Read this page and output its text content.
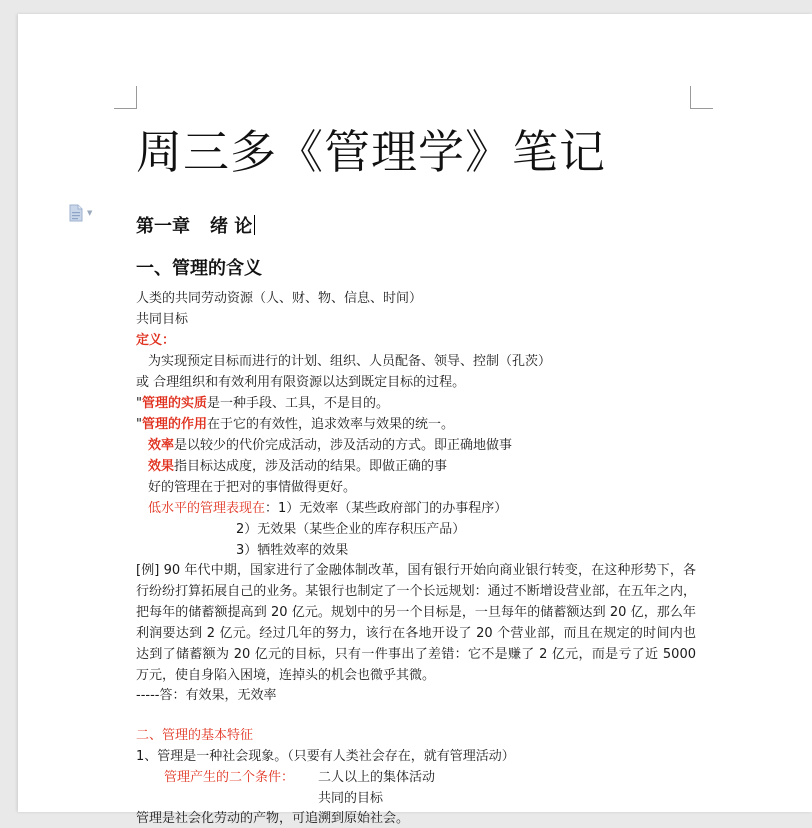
▼
周三多《管理学》笔记
第一章 绪 论
一、管理的含义
人类的共同劳动资源（人、财、物、信息、时间）
共同目标
定义：
为实现预定目标而进行的计划、组织、人员配备、领导、控制（孔茨）
或 合理组织和有效利用有限资源以达到既定目标的过程。
"管理的实质是一种手段、工具，不是目的。
"管理的作用在于它的有效性，追求效率与效果的统一。
效率是以较少的代价完成活动，涉及活动的方式。即正确地做事
效果指目标达成度，涉及活动的结果。即做正确的事
好的管理在于把对的事情做得更好。
低水平的管理表现在：1）无效率（某些政府部门的办事程序）
2）无效果（某些企业的库存积压产品）
3）牺牲效率的效果
[例] 90 年代中期，国家进行了金融体制改革，国有银行开始向商业银行转变，在这种形势下，各行纷纷打算拓展自己的业务。某银行也制定了一个长远规划：通过不断增设营业部，在五年之内，把每年的储蓄额提高到 20 亿元。规划中的另一个目标是，一旦每年的储蓄额达到 20 亿，那么年利润要达到 2 亿元。经过几年的努力，该行在各地开设了 20 个营业部，而且在规定的时间内也达到了储蓄额为 20 亿元的目标，只有一件事出了差错：它不是赚了 2 亿元，而是亏了近 5000 万元，使自身陷入困境，连掉头的机会也微乎其微。
-----答：有效果，无效率
二、管理的基本特征
1、管理是一种社会现象。（只要有人类社会存在，就有管理活动）
管理产生的二个条件： 二人以上的集体活动
共同的目标
管理是社会化劳动的产物，可追溯到原始社会。
